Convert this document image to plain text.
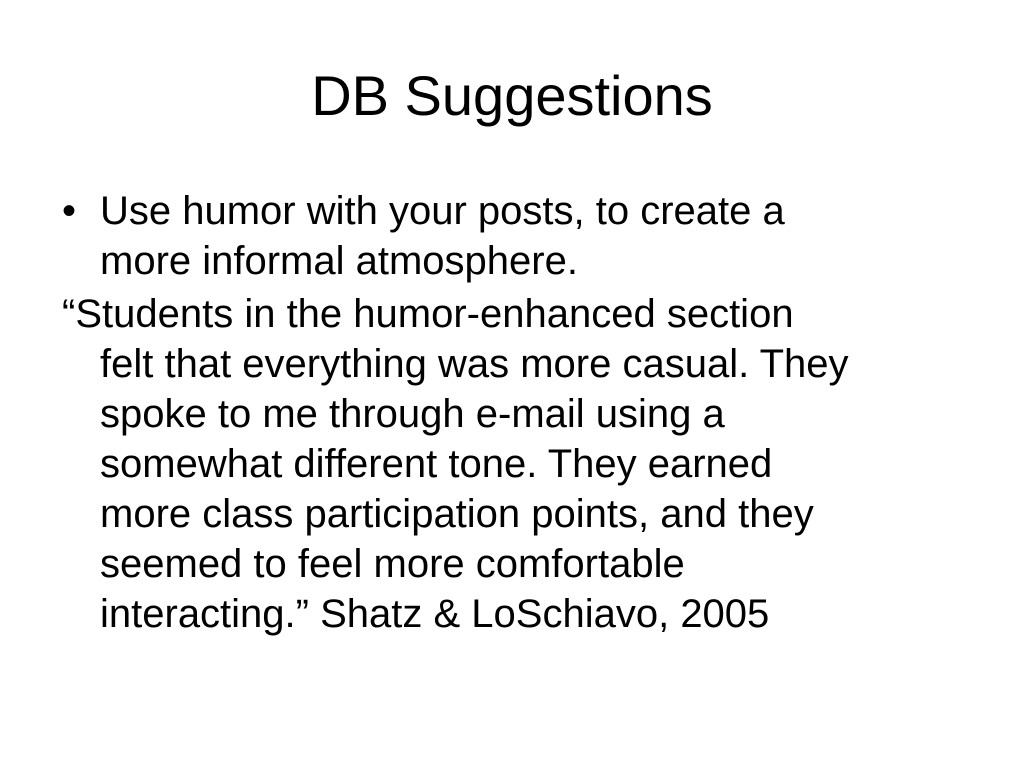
DB Suggestions
• Use humor with your posts, to create a
more informal atmosphere.
“Students in the humor-enhanced section
felt that everything was more casual. They
spoke to me through e-mail using a
somewhat different tone. They earned
more class participation points, and they
seemed to feel more comfortable
interacting.” Shatz & LoSchiavo, 2005
